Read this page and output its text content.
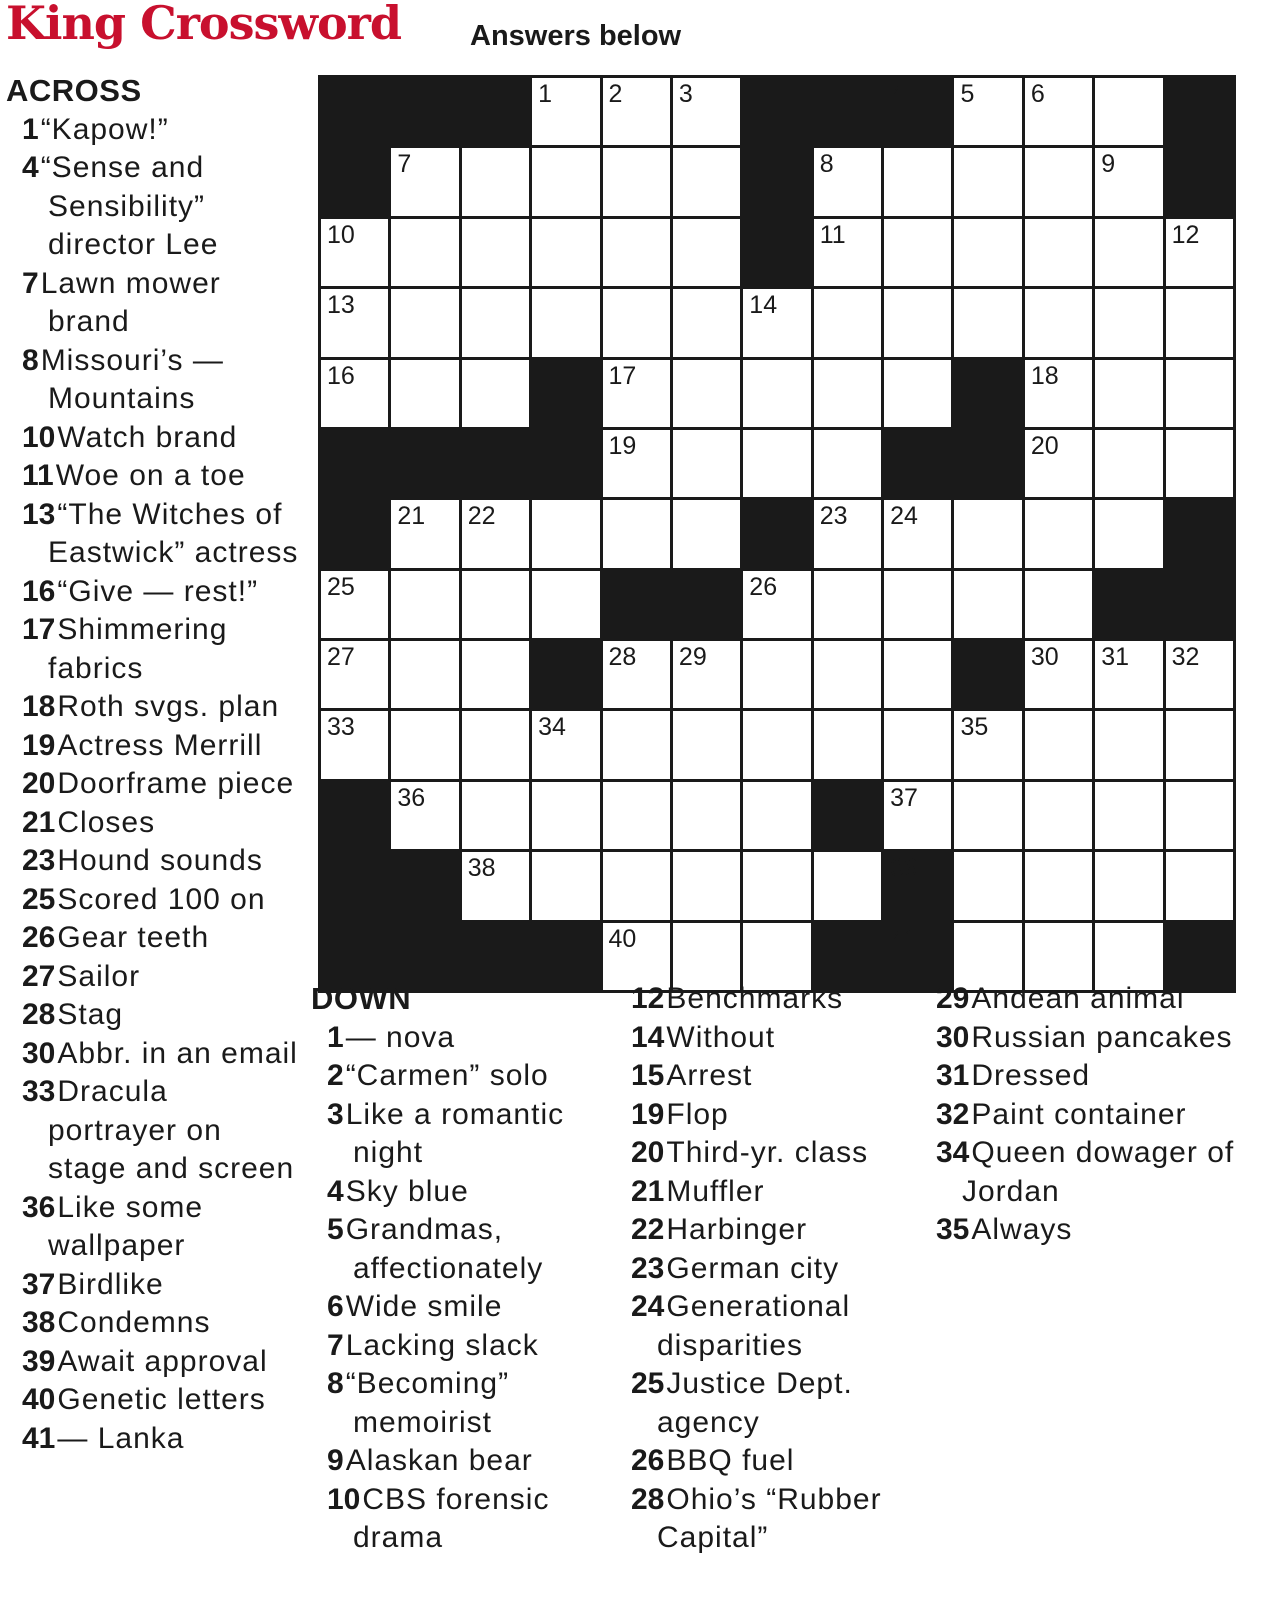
King Crossword Answers below
ACROSS
1“Kapow!”
4“Sense and Sensibility” director Lee
7Lawn mower brand
8Missouri’s — Mountains
10Watch brand
11Woe on a toe
13“The Witches of Eastwick” actress
16“Give — rest!”
17Shimmering fabrics
18Roth svgs. plan
19Actress Merrill
20Doorframe piece
21Closes
23Hound sounds
25Scored 100 on
26Gear teeth
27Sailor
28Stag
30Abbr. in an email
33Dracula portrayer on stage and screen
36Like some wallpaper
37Birdlike
38Condemns
39Await approval
40Genetic letters
41— Lanka
1 2 3	4 5 6
7	8	9
10	11	12
13	14
16	17	18
19	20
21 22	23 24
25	26
27	28 29	30 31 32
33	34	35
36	37
38	39
40	41
DOWN
1— nova
2“Carmen” solo
3Like a romantic night
4Sky blue
5Grandmas, affectionately
6Wide smile
7Lacking slack
8“Becoming” memoirist
9Alaskan bear
10CBS forensic drama
12Benchmarks
14Without
15Arrest
19Flop
20Third-yr. class
21Muffler
22Harbinger
23German city
24Generational disparities
25Justice Dept. agency
26BBQ fuel
28Ohio’s “Rubber Capital”
29Andean animal
30Russian pancakes
31Dressed
32Paint container
34Queen dowager of Jordan
35Always
